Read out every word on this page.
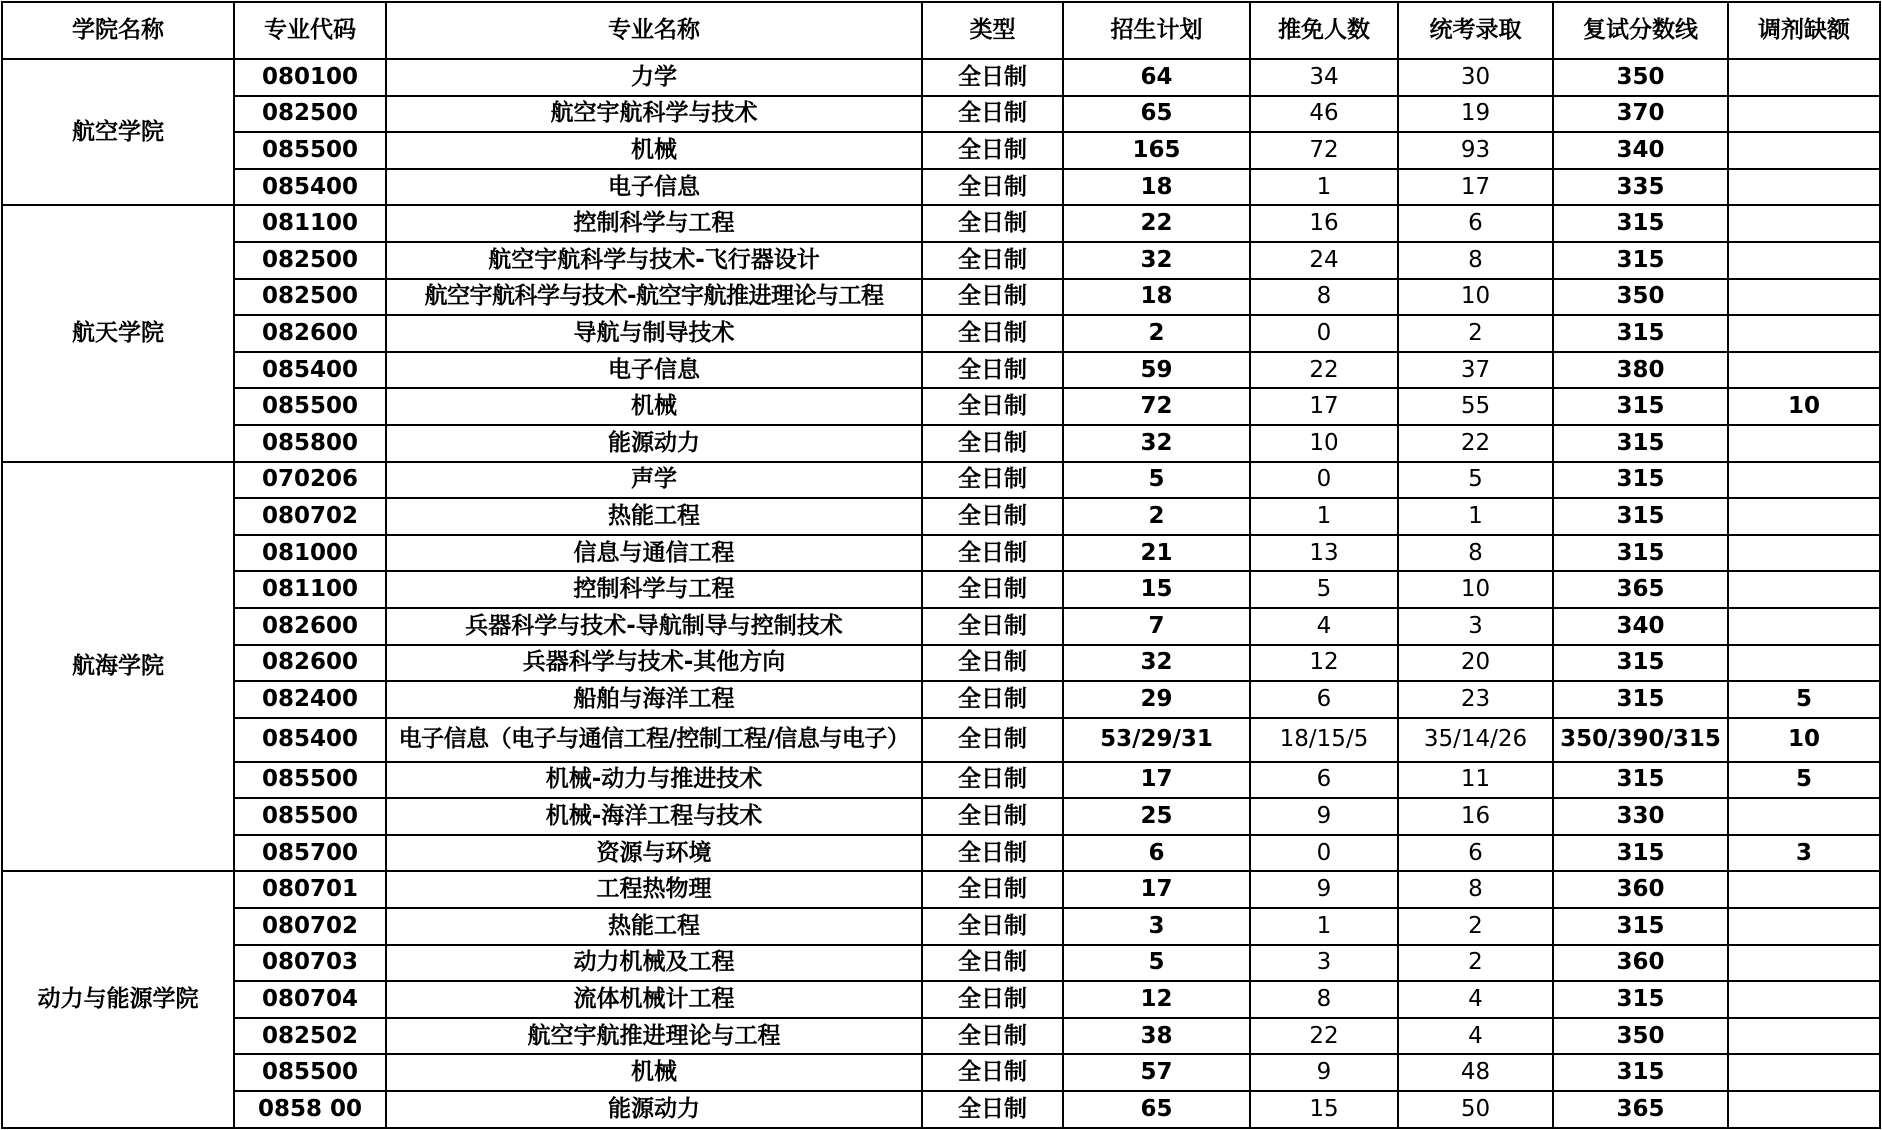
学院名称	专业代码	专业名称	类型	招生计划	推免人数	统考录取	复试分数线	调剂缺额
航空学院	080100	力学	全日制	64	34	30	350	
	082500	航空宇航科学与技术	全日制	65	46	19	370	
	085500	机械	全日制	165	72	93	340	
	085400	电子信息	全日制	18	1	17	335	
航天学院	081100	控制科学与工程	全日制	22	16	6	315	
	082500	航空宇航科学与技术-飞行器设计	全日制	32	24	8	315	
	082500	航空宇航科学与技术-航空宇航推进理论与工程	全日制	18	8	10	350	
	082600	导航与制导技术	全日制	2	0	2	315	
	085400	电子信息	全日制	59	22	37	380	
	085500	机械	全日制	72	17	55	315	10
	085800	能源动力	全日制	32	10	22	315	
航海学院	070206	声学	全日制	5	0	5	315	
	080702	热能工程	全日制	2	1	1	315	
	081000	信息与通信工程	全日制	21	13	8	315	
	081100	控制科学与工程	全日制	15	5	10	365	
	082600	兵器科学与技术-导航制导与控制技术	全日制	7	4	3	340	
	082600	兵器科学与技术-其他方向	全日制	32	12	20	315	
	082400	船舶与海洋工程	全日制	29	6	23	315	5
	085400	电子信息（电子与通信工程/控制工程/信息与电子）	全日制	53/29/31	18/15/5	35/14/26	350/390/315	10
	085500	机械-动力与推进技术	全日制	17	6	11	315	5
	085500	机械-海洋工程与技术	全日制	25	9	16	330	
	085700	资源与环境	全日制	6	0	6	315	3
动力与能源学院	080701	工程热物理	全日制	17	9	8	360	
	080702	热能工程	全日制	3	1	2	315	
	080703	动力机械及工程	全日制	5	3	2	360	
	080704	流体机械计工程	全日制	12	8	4	315	
	082502	航空宇航推进理论与工程	全日制	38	22	4	350	
	085500	机械	全日制	57	9	48	315	
	0858 00	能源动力	全日制	65	15	50	365	
